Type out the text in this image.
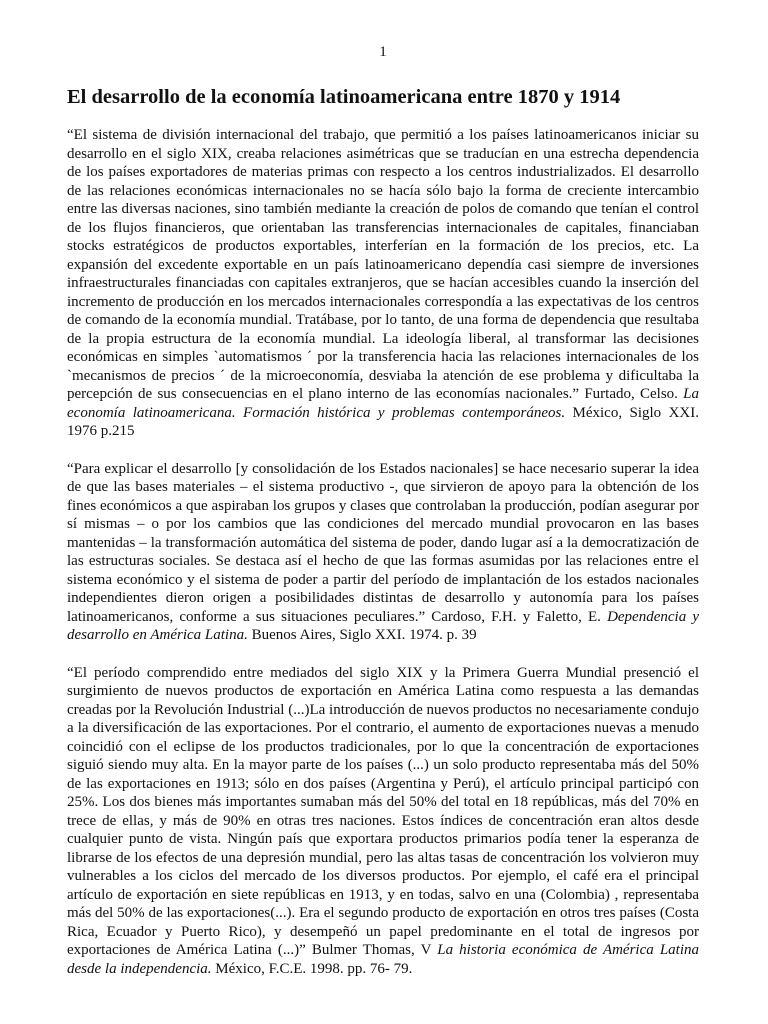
1
El desarrollo de la economía latinoamericana entre 1870 y 1914

“El sistema de división internacional del trabajo, que permitió a los países latinoamericanos iniciar su desarrollo en el siglo XIX, creaba relaciones asimétricas que se traducían en una estrecha dependencia de los países exportadores de materias primas con respecto a los centros industrializados. El desarrollo de las relaciones económicas internacionales no se hacía sólo bajo la forma de creciente intercambio entre las diversas naciones, sino también mediante la creación de polos de comando que tenían el control de los flujos financieros, que orientaban las transferencias internacionales de capitales, financiaban stocks estratégicos de productos exportables, interferían en la formación de los precios, etc. La expansión del excedente exportable en un país latinoamericano dependía casi siempre de inversiones infraestructurales financiadas con capitales extranjeros, que se hacían accesibles cuando la inserción del incremento de producción en los mercados internacionales correspondía a las expectativas de los centros de comando de la economía mundial. Tratábase, por lo tanto, de una forma de dependencia que resultaba de la propia estructura de la economía mundial. La ideología liberal, al transformar las decisiones económicas en simples `automatismos ´ por la transferencia hacia las relaciones internacionales de los `mecanismos de precios ´ de la microeconomía, desviaba la atención de ese problema y dificultaba la percepción de sus consecuencias en el plano interno de las economías nacionales.” Furtado, Celso. La economía latinoamericana. Formación histórica y problemas contemporáneos. México, Siglo XXI. 1976 p.215

“Para explicar el desarrollo [y consolidación de los Estados nacionales] se hace necesario superar la idea de que las bases materiales – el sistema productivo -, que sirvieron de apoyo para la obtención de los fines económicos a que aspiraban los grupos y clases que controlaban la producción, podían asegurar por sí mismas – o por los cambios que las condiciones del mercado mundial provocaron en las bases mantenidas – la transformación automática del sistema de poder, dando lugar así a la democratización de las estructuras sociales. Se destaca así el hecho de que las formas asumidas por las relaciones entre el sistema económico y el sistema de poder a partir del período de implantación de los estados nacionales independientes dieron origen a posibilidades distintas de desarrollo y autonomía para los países latinoamericanos, conforme a sus situaciones peculiares.” Cardoso, F.H. y Faletto, E. Dependencia y desarrollo en América Latina. Buenos Aires, Siglo XXI. 1974. p. 39

“El período comprendido entre mediados del siglo XIX y la Primera Guerra Mundial presenció el surgimiento de nuevos productos de exportación en América Latina como respuesta a las demandas creadas por la Revolución Industrial (...)La introducción de nuevos productos no necesariamente condujo a la diversificación de las exportaciones. Por el contrario, el aumento de exportaciones nuevas a menudo coincidió con el eclipse de los productos tradicionales, por lo que la concentración de exportaciones siguió siendo muy alta. En la mayor parte de los países (...) un solo producto representaba más del 50% de las exportaciones en 1913; sólo en dos países (Argentina y Perú), el artículo principal participó con 25%. Los dos bienes más importantes sumaban más del 50% del total en 18 repúblicas, más del 70% en trece de ellas, y más de 90% en otras tres naciones. Estos índices de concentración eran altos desde cualquier punto de vista. Ningún país que exportara productos primarios podía tener la esperanza de librarse de los efectos de una depresión mundial, pero las altas tasas de concentración los volvieron muy vulnerables a los ciclos del mercado de los diversos productos. Por ejemplo, el café era el principal artículo de exportación en siete repúblicas en 1913, y en todas, salvo en una (Colombia) , representaba más del 50% de las exportaciones(...). Era el segundo producto de exportación en otros tres países (Costa Rica, Ecuador y Puerto Rico), y desempeñó un papel predominante en el total de ingresos por exportaciones de América Latina (...)” Bulmer Thomas, V La historia económica de América Latina desde la independencia. México, F.C.E. 1998. pp. 76- 79.
